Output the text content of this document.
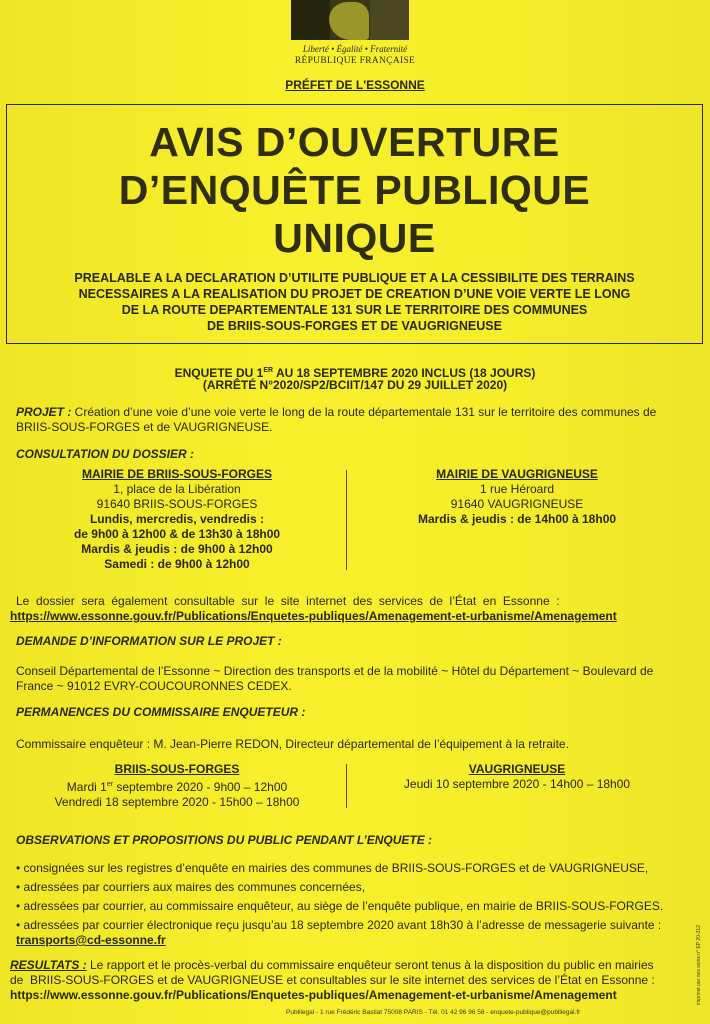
Liberté • Égalité • Fraternité
RÉPUBLIQUE FRANÇAISE
PRÉFET DE L'ESSONNE
AVIS D’OUVERTURE
D’ENQUÊTE PUBLIQUE
UNIQUE
PREALABLE A LA DECLARATION D’UTILITE PUBLIQUE ET A LA CESSIBILITE DES TERRAINS
NECESSAIRES A LA REALISATION DU PROJET DE CREATION D’UNE VOIE VERTE LE LONG
DE LA ROUTE DEPARTEMENTALE 131 SUR LE TERRITOIRE DES COMMUNES
DE BRIIS-SOUS-FORGES ET DE VAUGRIGNEUSE
ENQUETE DU 1ER AU 18 SEPTEMBRE 2020 INCLUS (18 JOURS)
(ARRÊTÉ N°2020/SP2/BCIIT/147 DU 29 JUILLET 2020)
PROJET : Création d’une voie d’une voie verte le long de la route départementale 131 sur le territoire des communes de
BRIIS-SOUS-FORGES et de VAUGRIGNEUSE.
CONSULTATION DU DOSSIER :
MAIRIE DE BRIIS-SOUS-FORGES
1, place de la Libération
91640 BRIIS-SOUS-FORGES
Lundis, mercredis, vendredis :
de 9h00 à 12h00 & de 13h30 à 18h00
Mardis & jeudis : de 9h00 à 12h00
Samedi : de 9h00 à 12h00
MAIRIE DE VAUGRIGNEUSE
1 rue Héroard
91640 VAUGRIGNEUSE
Mardis & jeudis : de 14h00 à 18h00
Le  dossier  sera  également  consultable  sur  le  site  internet  des  services  de  l’État  en  Essonne  :
https://www.essonne.gouv.fr/Publications/Enquetes-publiques/Amenagement-et-urbanisme/Amenagement
DEMANDE D’INFORMATION SUR LE PROJET :
Conseil Départemental de l’Essonne ~ Direction des transports et de la mobilité ~ Hôtel du Département ~ Boulevard de
France ~ 91012 EVRY-COUCOURONNES CEDEX.
PERMANENCES DU COMMISSAIRE ENQUETEUR :
Commissaire enquêteur : M. Jean-Pierre REDON, Directeur départemental de l’équipement à la retraite.
BRIIS-SOUS-FORGES
Mardi 1er septembre 2020 - 9h00 – 12h00
Vendredi 18 septembre 2020 - 15h00 – 18h00
VAUGRIGNEUSE
Jeudi 10 septembre 2020 - 14h00 – 18h00
OBSERVATIONS ET PROPOSITIONS DU PUBLIC PENDANT L’ENQUETE :
• consignées sur les registres d’enquête en mairies des communes de BRIIS-SOUS-FORGES et de VAUGRIGNEUSE,
• adressées par courriers aux maires des communes concernées,
• adressées par courrier, au commissaire enquêteur, au siège de l’enquête publique, en mairie de BRIIS-SOUS-FORGES.
• adressées par courrier électronique reçu jusqu’au 18 septembre 2020 avant 18h30 à l’adresse de messagerie suivante :
transports@cd-essonne.fr
RESULTATS : Le rapport et le procès-verbal du commissaire enquêteur seront tenus à la disposition du public en mairies
de  BRIIS-SOUS-FORGES et de VAUGRIGNEUSE et consultables sur le site internet des services de l’État en Essonne :
https://www.essonne.gouv.fr/Publications/Enquetes-publiques/Amenagement-et-urbanisme/Amenagement
Publilegal - 1 rue Frédéric Bastiat 75008 PARIS - Tél. 01 42 96 96 58 - enquete-publique@publilegal.fr
imprimé par nos soins n° EP 20-312
